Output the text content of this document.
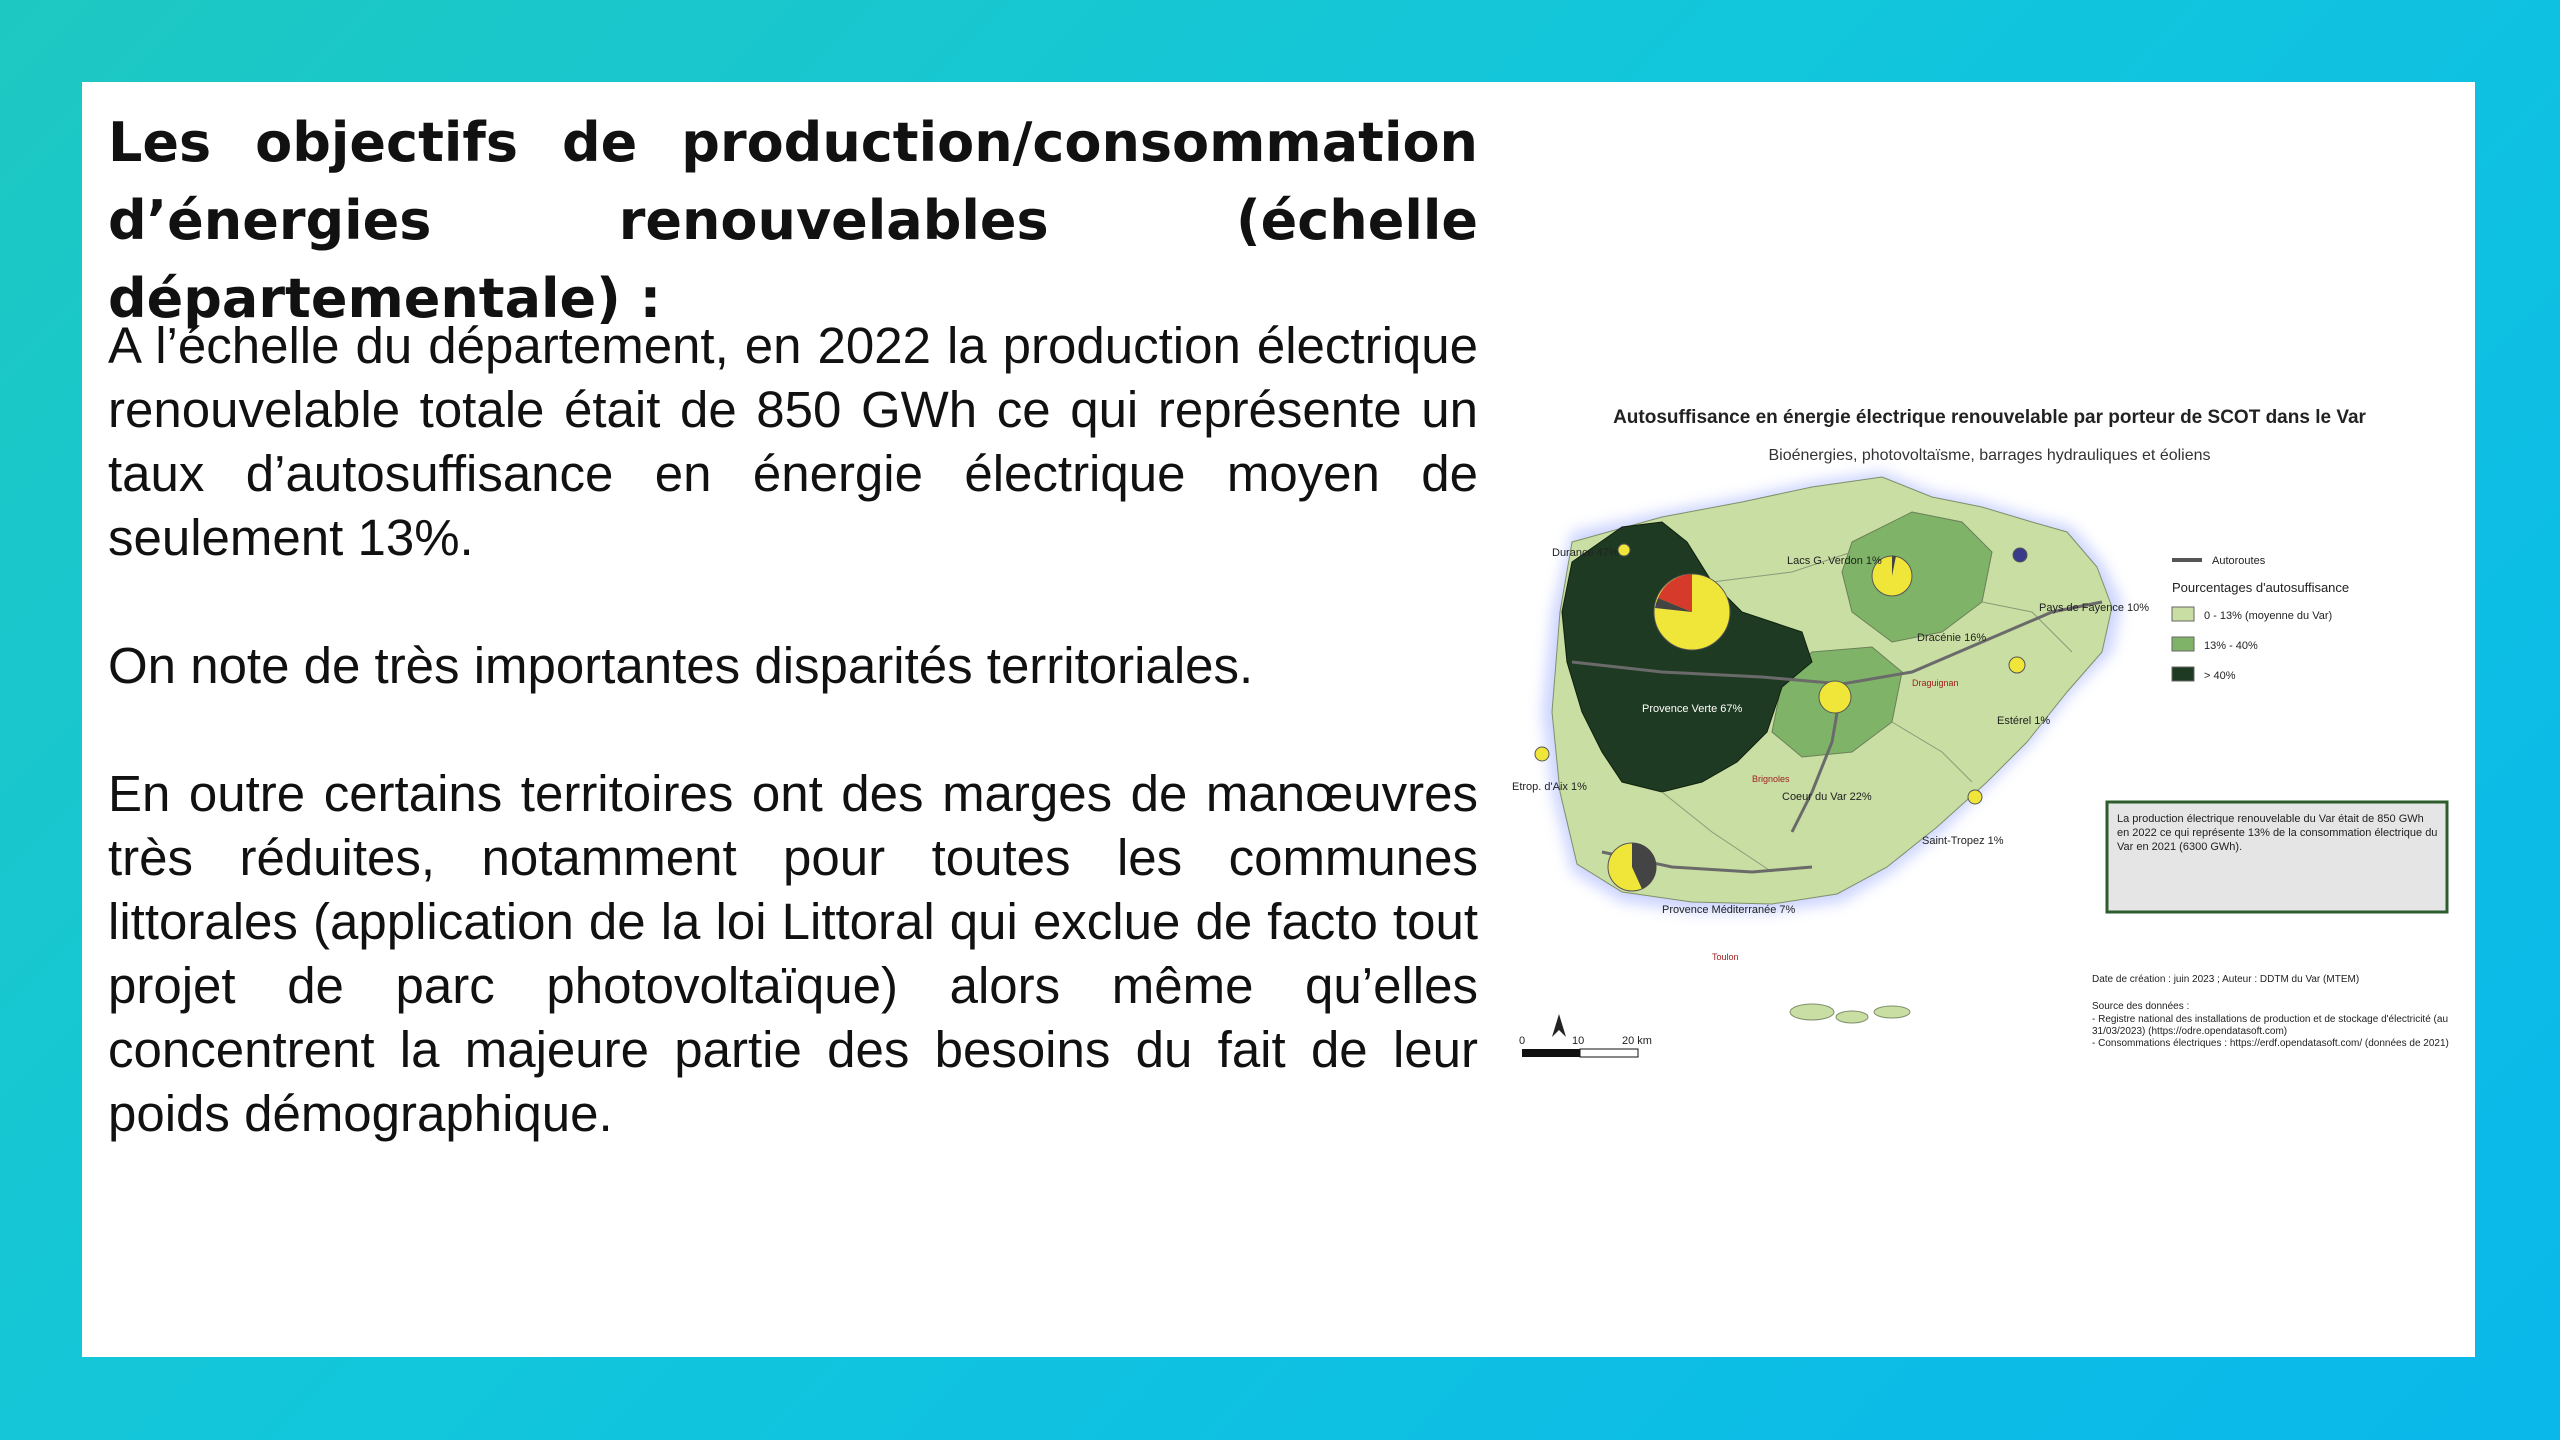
Les objectifs de production/consommation d’énergies renouvelables (échelle départementale) :

A l’échelle du département, en 2022 la production électrique renouvelable totale était de 850 GWh ce qui représente un taux d’autosuffisance en énergie électrique moyen de seulement 13%.

On note de très importantes disparités territoriales.

En outre certains territoires ont des marges de manœuvres très réduites, notamment pour toutes les communes littorales (application de la loi Littoral qui exclue de facto tout projet de parc photovoltaïque) alors même qu’elles concentrent la majeure partie des besoins du fait de leur poids démographique.

Autosuffisance en énergie électrique renouvelable par porteur de SCOT dans le Var
Bioénergies, photovoltaïsme, barrages hydrauliques et éoliens
Durance 47%
Lacs G. Verdon 1%
Pays de Fayence 10%
Dracénie 16%
Provence Verte 67%
Estérel 1%
Etrop. d'Aix 1%
Coeur du Var 22%
Saint-Tropez 1%
Provence Méditerranée 7%
Draguignan
Brignoles
Toulon
Autoroutes
Pourcentages d'autosuffisance
0 - 13% (moyenne du Var)
13% - 40%
> 40%
La production électrique renouvelable du Var était de 850 GWh en 2022 ce qui représente 13% de la consommation électrique du Var en 2021 (6300 GWh).
Date de création : juin 2023 ; Auteur : DDTM du Var (MTEM)
Source des données :
- Registre national des installations de production et de stockage d'électricité (au 31/03/2023) (https://odre.opendatasoft.com)
- Consommations électriques : https://erdf.opendatasoft.com/ (données de 2021)
0	10	20 km
